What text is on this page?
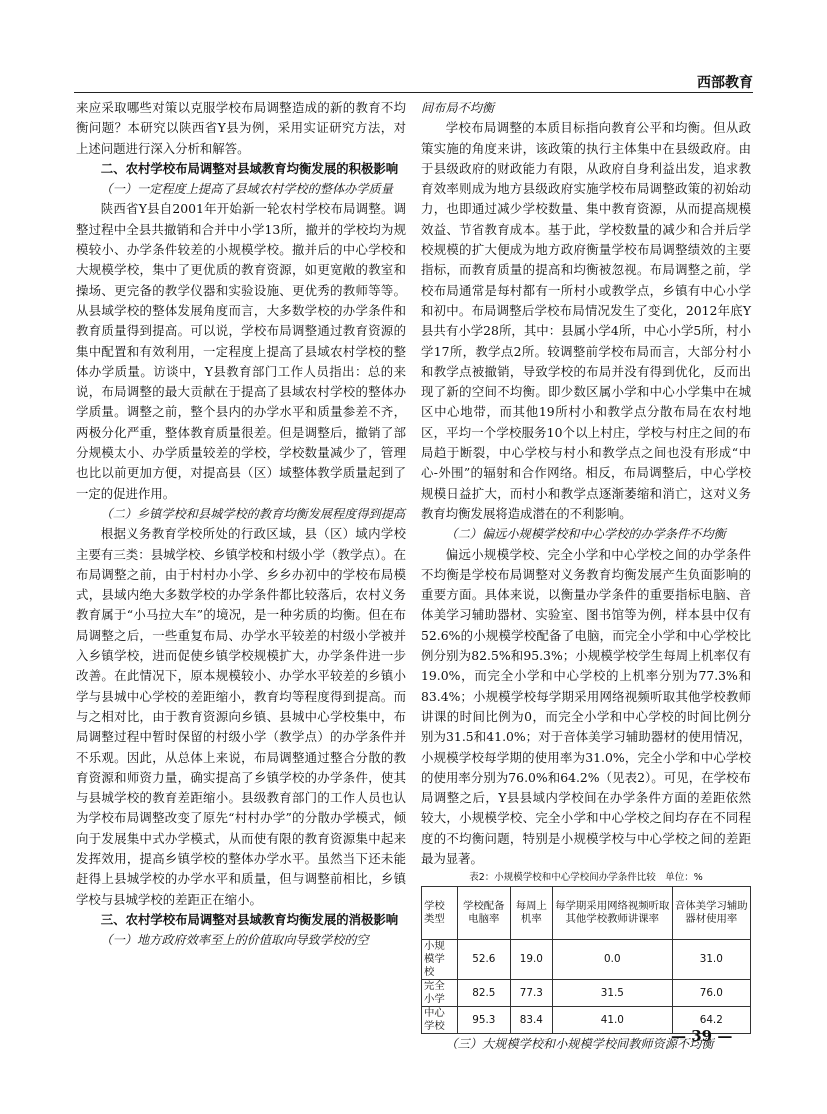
西部教育

来应采取哪些对策以克服学校布局调整造成的新的教育不均衡问题？本研究以陕西省Y县为例，采用实证研究方法，对上述问题进行深入分析和解答。

二、农村学校布局调整对县域教育均衡发展的积极影响
（一）一定程度上提高了县域农村学校的整体办学质量

陕西省Y县自2001年开始新一轮农村学校布局调整。调整过程中全县共撤销和合并中小学13所，撤并的学校均为规模较小、办学条件较差的小规模学校。撤并后的中心学校和大规模学校，集中了更优质的教育资源，如更宽敞的教室和操场、更完备的教学仪器和实验设施、更优秀的教师等等。从县域学校的整体发展角度而言，大多数学校的办学条件和教育质量得到提高。可以说，学校布局调整通过教育资源的集中配置和有效利用，一定程度上提高了县域农村学校的整体办学质量。访谈中，Y县教育部门工作人员指出：总的来说，布局调整的最大贡献在于提高了县域农村学校的整体办学质量。调整之前，整个县内的办学水平和质量参差不齐，两极分化严重，整体教育质量很差。但是调整后，撤销了部分规模太小、办学质量较差的学校，学校数量减少了，管理也比以前更加方便，对提高县（区）域整体教学质量起到了一定的促进作用。

（二）乡镇学校和县城学校的教育均衡发展程度得到提高

根据义务教育学校所处的行政区域，县（区）域内学校主要有三类：县城学校、乡镇学校和村级小学（教学点）。在布局调整之前，由于村村办小学、乡乡办初中的学校布局模式，县域内绝大多数学校的办学条件都比较落后，农村义务教育属于“小马拉大车”的境况，是一种劣质的均衡。但在布局调整之后，一些重复布局、办学水平较差的村级小学被并入乡镇学校，进而促使乡镇学校规模扩大，办学条件进一步改善。在此情况下，原本规模较小、办学水平较差的乡镇小学与县城中心学校的差距缩小，教育均等程度得到提高。而与之相对比，由于教育资源向乡镇、县城中心学校集中，布局调整过程中暂时保留的村级小学（教学点）的办学条件并不乐观。因此，从总体上来说，布局调整通过整合分散的教育资源和师资力量，确实提高了乡镇学校的办学条件，使其与县城学校的教育差距缩小。县级教育部门的工作人员也认为学校布局调整改变了原先“村村办学”的分散办学模式，倾向于发展集中式办学模式，从而使有限的教育资源集中起来发挥效用，提高乡镇学校的整体办学水平。虽然当下还未能赶得上县城学校的办学水平和质量，但与调整前相比，乡镇学校与县城学校的差距正在缩小。

三、农村学校布局调整对县域教育均衡发展的消极影响
（一）地方政府效率至上的价值取向导致学校的空
间布局不均衡

学校布局调整的本质目标指向教育公平和均衡。但从政策实施的角度来讲，该政策的执行主体集中在县级政府。由于县级政府的财政能力有限，从政府自身利益出发，追求教育效率则成为地方县级政府实施学校布局调整政策的初始动力，也即通过减少学校数量、集中教育资源，从而提高规模效益、节省教育成本。基于此，学校数量的减少和合并后学校规模的扩大便成为地方政府衡量学校布局调整绩效的主要指标，而教育质量的提高和均衡被忽视。布局调整之前，学校布局通常是每村都有一所村小或教学点，乡镇有中心小学和初中。布局调整后学校布局情况发生了变化，2012年底Y县共有小学28所，其中：县属小学4所，中心小学5所，村小学17所，教学点2所。较调整前学校布局而言，大部分村小和教学点被撤销，导致学校的布局并没有得到优化，反而出现了新的空间不均衡。即少数区属小学和中心小学集中在城区中心地带，而其他19所村小和教学点分散布局在农村地区，平均一个学校服务10个以上村庄，学校与村庄之间的布局趋于断裂，中心学校与村小和教学点之间也没有形成“中心-外围”的辐射和合作网络。相反，布局调整后，中心学校规模日益扩大，而村小和教学点逐渐萎缩和消亡，这对义务教育均衡发展将造成潜在的不利影响。

（二）偏远小规模学校和中心学校的办学条件不均衡

偏远小规模学校、完全小学和中心学校之间的办学条件不均衡是学校布局调整对义务教育均衡发展产生负面影响的重要方面。具体来说，以衡量办学条件的重要指标电脑、音体美学习辅助器材、实验室、图书馆等为例，样本县中仅有52.6%的小规模学校配备了电脑，而完全小学和中心学校比例分别为82.5%和95.3%；小规模学校学生每周上机率仅有19.0%，而完全小学和中心学校的上机率分别为77.3%和83.4%；小规模学校每学期采用网络视频听取其他学校教师讲课的时间比例为0，而完全小学和中心学校的时间比例分别为31.5和41.0%；对于音体美学习辅助器材的使用情况，小规模学校每学期的使用率为31.0%，完全小学和中心学校的使用率分别为76.0%和64.2%（见表2）。可见，在学校布局调整之后，Y县县域内学校间在办学条件方面的差距依然较大，小规模学校、完全小学和中心学校之间均存在不同程度的不均衡问题，特别是小规模学校与中心学校之间的差距最为显著。

表2：小规模学校和中心学校间办学条件比较　单位：%
学校类型	学校配备电脑率	每周上机率	每学期采用网络视频听取其他学校教师讲课率	音体美学习辅助器材使用率
小规模学校	52.6	19.0	0.0	31.0
完全小学	82.5	77.3	31.5	76.0
中心学校	95.3	83.4	41.0	64.2
（三）大规模学校和小规模学校间教师资源不均衡
— 39 —
